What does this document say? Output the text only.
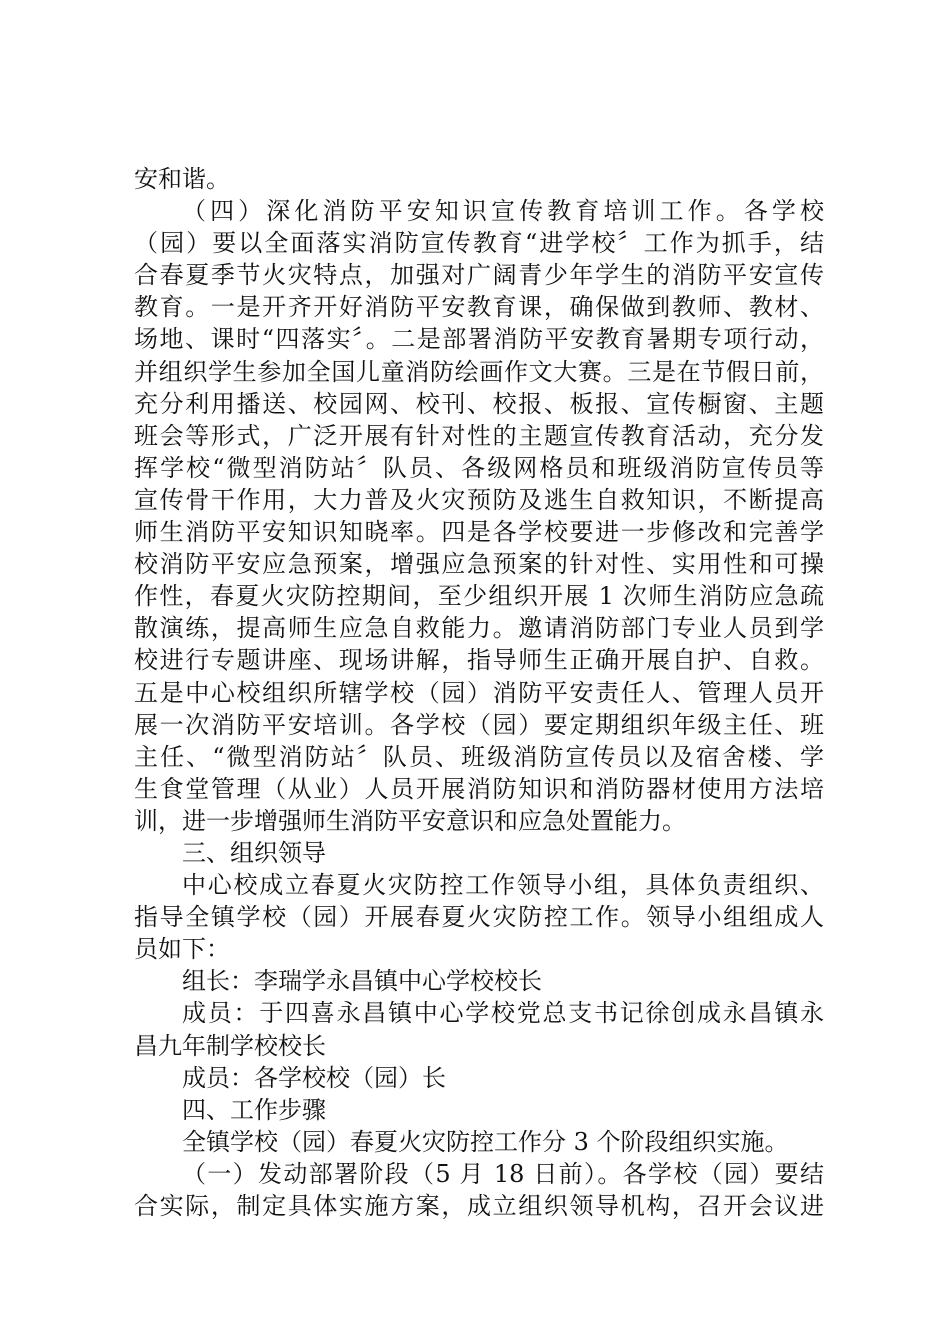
安和谐。
（四）深化消防平安知识宣传教育培训工作。各学校
（园）要以全面落实消防宣传教育“进学校〞工作为抓手，结
合春夏季节火灾特点，加强对广阔青少年学生的消防平安宣传
教育。一是开齐开好消防平安教育课，确保做到教师、教材、
场地、课时“四落实〞。二是部署消防平安教育暑期专项行动，
并组织学生参加全国儿童消防绘画作文大赛。三是在节假日前，
充分利用播送、校园网、校刊、校报、板报、宣传橱窗、主题
班会等形式，广泛开展有针对性的主题宣传教育活动，充分发
挥学校“微型消防站〞队员、各级网格员和班级消防宣传员等
宣传骨干作用，大力普及火灾预防及逃生自救知识，不断提高
师生消防平安知识知晓率。四是各学校要进一步修改和完善学
校消防平安应急预案，增强应急预案的针对性、实用性和可操
作性，春夏火灾防控期间，至少组织开展 1 次师生消防应急疏
散演练，提高师生应急自救能力。邀请消防部门专业人员到学
校进行专题讲座、现场讲解，指导师生正确开展自护、自救。
五是中心校组织所辖学校（园）消防平安责任人、管理人员开
展一次消防平安培训。各学校（园）要定期组织年级主任、班
主任、“微型消防站〞队员、班级消防宣传员以及宿舍楼、学
生食堂管理（从业）人员开展消防知识和消防器材使用方法培
训，进一步增强师生消防平安意识和应急处置能力。
三、组织领导
中心校成立春夏火灾防控工作领导小组，具体负责组织、
指导全镇学校（园）开展春夏火灾防控工作。领导小组组成人
员如下：
组长：李瑞学永昌镇中心学校校长
成员：于四喜永昌镇中心学校党总支书记徐创成永昌镇永
昌九年制学校校长
成员：各学校校（园）长
四、工作步骤
全镇学校（园）春夏火灾防控工作分 3 个阶段组织实施。
（一）发动部署阶段（5 月 18 日前）。各学校（园）要结
合实际，制定具体实施方案，成立组织领导机构，召开会议进
